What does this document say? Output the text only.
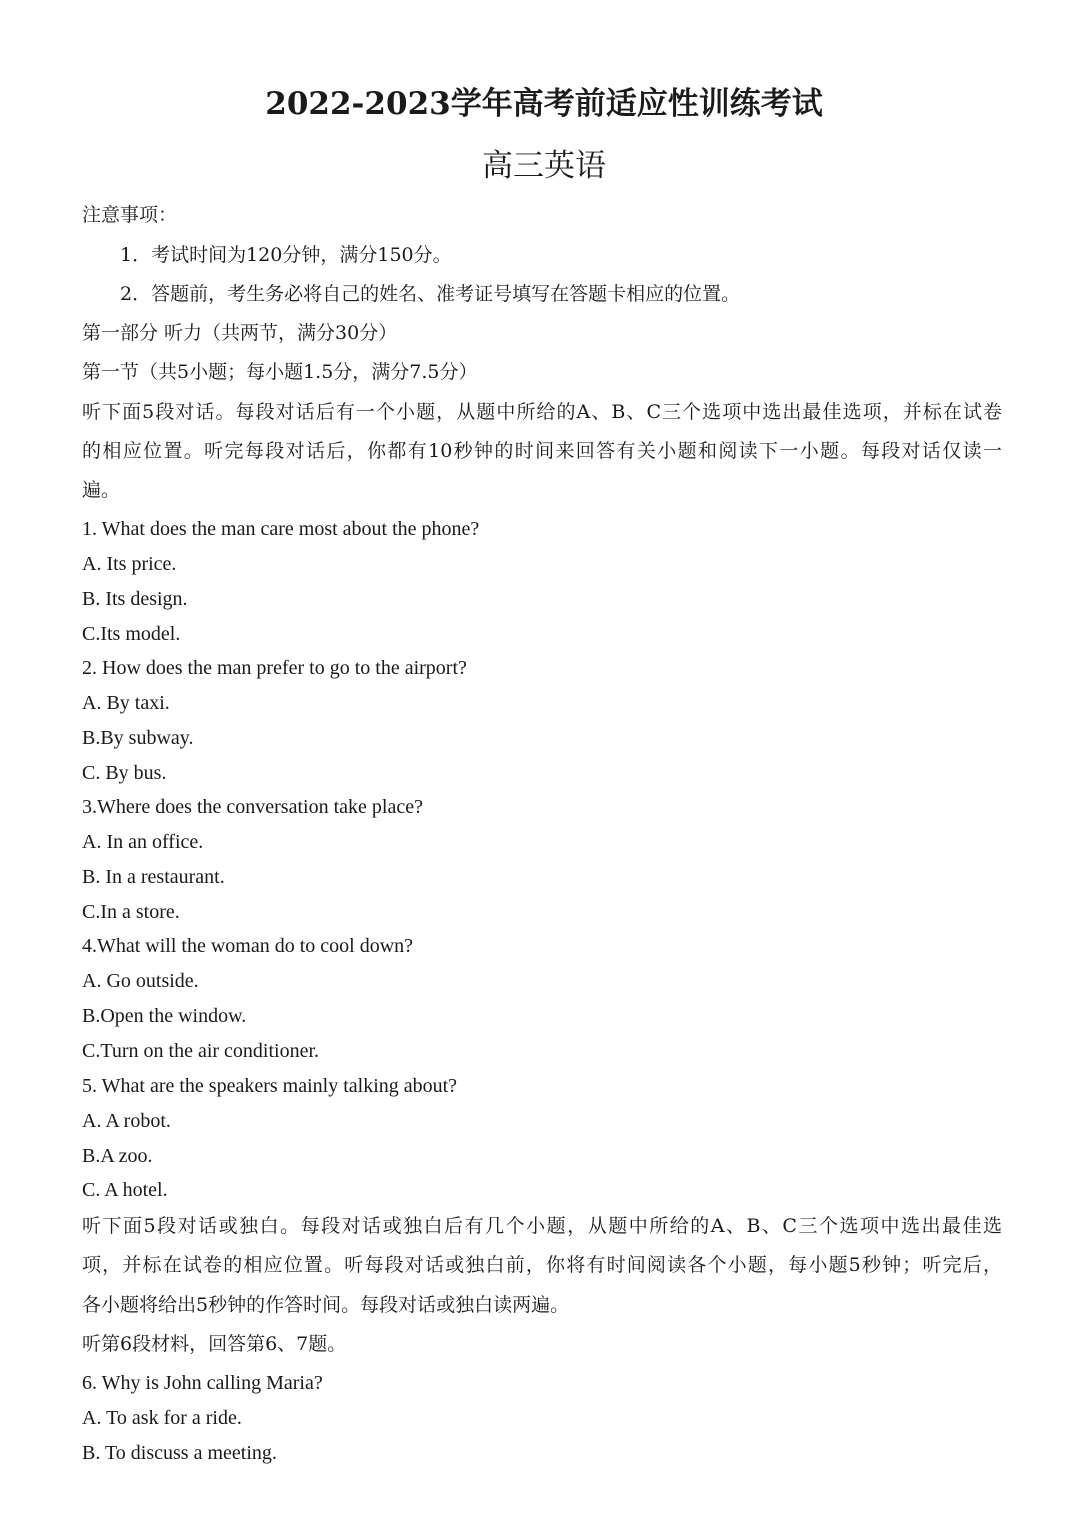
2022-2023学年高考前适应性训练考试
高三英语
注意事项：
1．考试时间为120分钟，满分150分。
2．答题前，考生务必将自己的姓名、准考证号填写在答题卡相应的位置。
第一部分 听力（共两节，满分30分）
第一节（共5小题；每小题1.5分，满分7.5分）
听下面5段对话。每段对话后有一个小题，从题中所给的A、B、C三个选项中选出最佳选项，并标在试卷
的相应位置。听完每段对话后，你都有10秒钟的时间来回答有关小题和阅读下一小题。每段对话仅读一
遍。
1. What does the man care most about the phone?
A. Its price.
B. Its design.
C.Its model.
2. How does the man prefer to go to the airport?
A. By taxi.
B.By subway.
C. By bus.
3.Where does the conversation take place?
A. In an office.
B. In a restaurant.
C.In a store.
4.What will the woman do to cool down?
A. Go outside.
B.Open the window.
C.Turn on the air conditioner.
5. What are the speakers mainly talking about?
A. A robot.
B.A zoo.
C. A hotel.
听下面5段对话或独白。每段对话或独白后有几个小题，从题中所给的A、B、C三个选项中选出最佳选
项，并标在试卷的相应位置。听每段对话或独白前，你将有时间阅读各个小题，每小题5秒钟；听完后，
各小题将给出5秒钟的作答时间。每段对话或独白读两遍。
听第6段材料，回答第6、7题。
6. Why is John calling Maria?
A. To ask for a ride.
B. To discuss a meeting.
